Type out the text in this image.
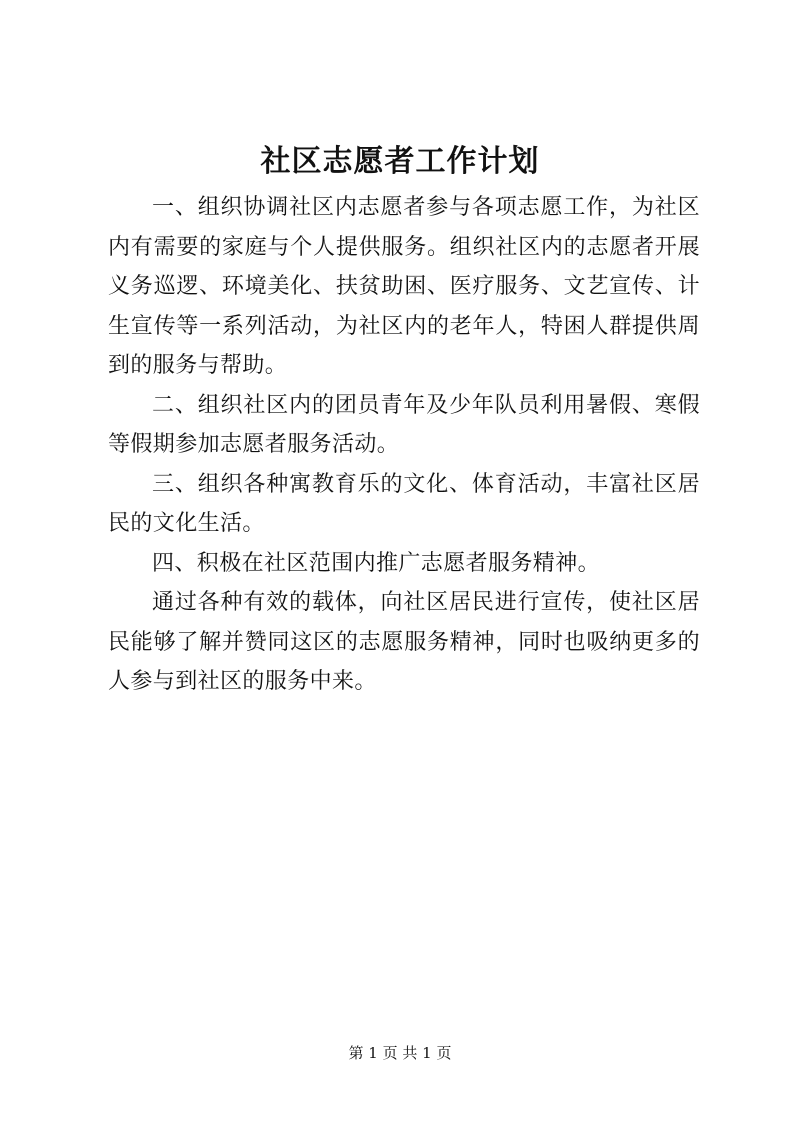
社区志愿者工作计划

一、组织协调社区内志愿者参与各项志愿工作，为社区内有需要的家庭与个人提供服务。组织社区内的志愿者开展义务巡逻、环境美化、扶贫助困、医疗服务、文艺宣传、计生宣传等一系列活动，为社区内的老年人，特困人群提供周到的服务与帮助。

二、组织社区内的团员青年及少年队员利用暑假、寒假等假期参加志愿者服务活动。

三、组织各种寓教育乐的文化、体育活动，丰富社区居民的文化生活。

四、积极在社区范围内推广志愿者服务精神。

通过各种有效的载体，向社区居民进行宣传，使社区居民能够了解并赞同这区的志愿服务精神，同时也吸纳更多的人参与到社区的服务中来。

第 1 页 共 1 页
